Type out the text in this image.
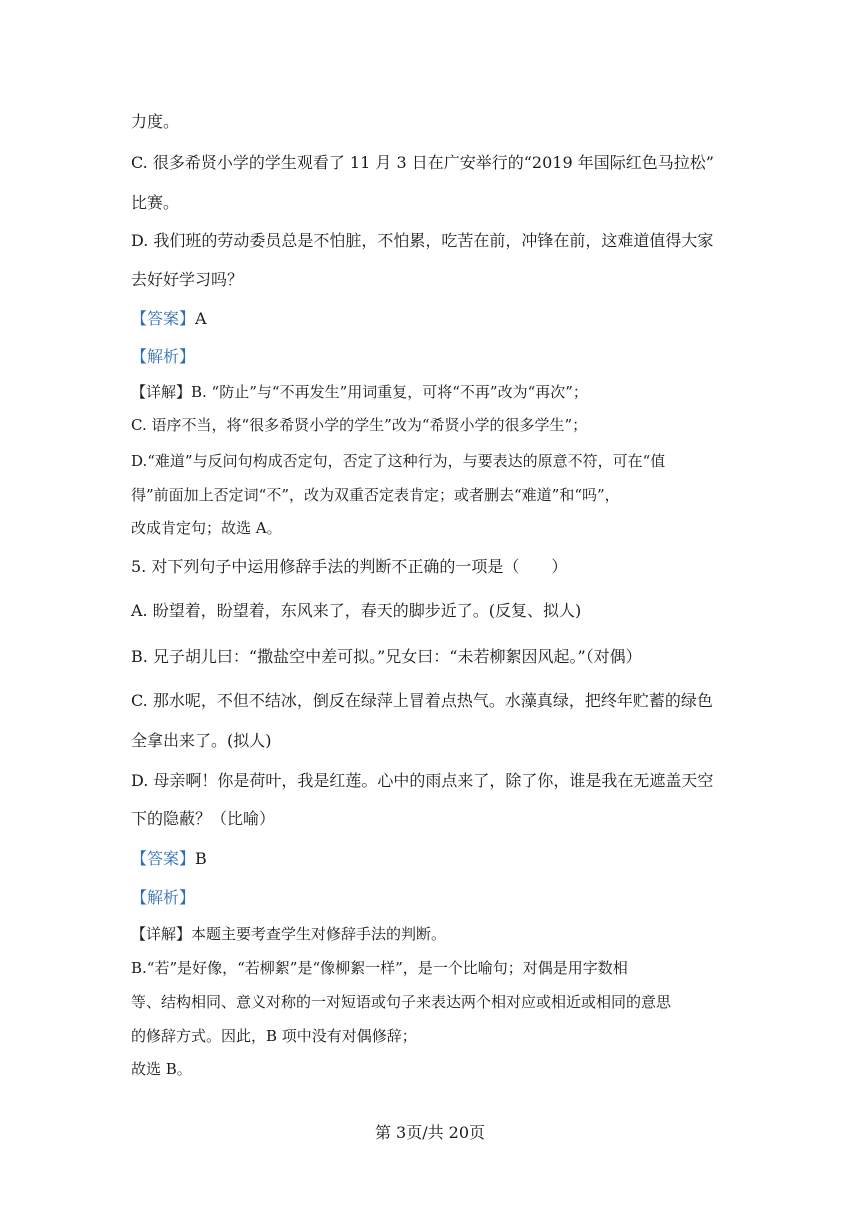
力度。
C. 很多希贤小学的学生观看了 11 月 3 日在广安举行的“2019 年国际红色马拉松”
比赛。
D. 我们班的劳动委员总是不怕脏，不怕累，吃苦在前，冲锋在前，这难道值得大家
去好好学习吗？
【答案】A
【解析】
【详解】B. “防止”与“不再发生”用词重复，可将“不再”改为“再次”；
C. 语序不当，将“很多希贤小学的学生”改为“希贤小学的很多学生”；
D.“难道”与反问句构成否定句，否定了这种行为，与要表达的原意不符，可在“值
得”前面加上否定词“不”，改为双重否定表肯定；或者删去“难道”和“吗”，
改成肯定句；故选 A。
5. 对下列句子中运用修辞手法的判断不正确的一项是（　　）
A. 盼望着，盼望着，东风来了，春天的脚步近了。(反复、拟人)
B. 兄子胡儿曰：“撒盐空中差可拟。”兄女曰：“未若柳絮因风起。”（对偶）
C. 那水呢，不但不结冰，倒反在绿萍上冒着点热气。水藻真绿，把终年贮蓄的绿色
全拿出来了。(拟人)
D. 母亲啊！你是荷叶，我是红莲。心中的雨点来了，除了你，谁是我在无遮盖天空
下的隐蔽？（比喻）
【答案】B
【解析】
【详解】本题主要考查学生对修辞手法的判断。
B.“若”是好像，“若柳絮”是“像柳絮一样”，是一个比喻句；对偶是用字数相
等、结构相同、意义对称的一对短语或句子来表达两个相对应或相近或相同的意思
的修辞方式。因此，B 项中没有对偶修辞；
故选 B。
第 3页/共 20页
